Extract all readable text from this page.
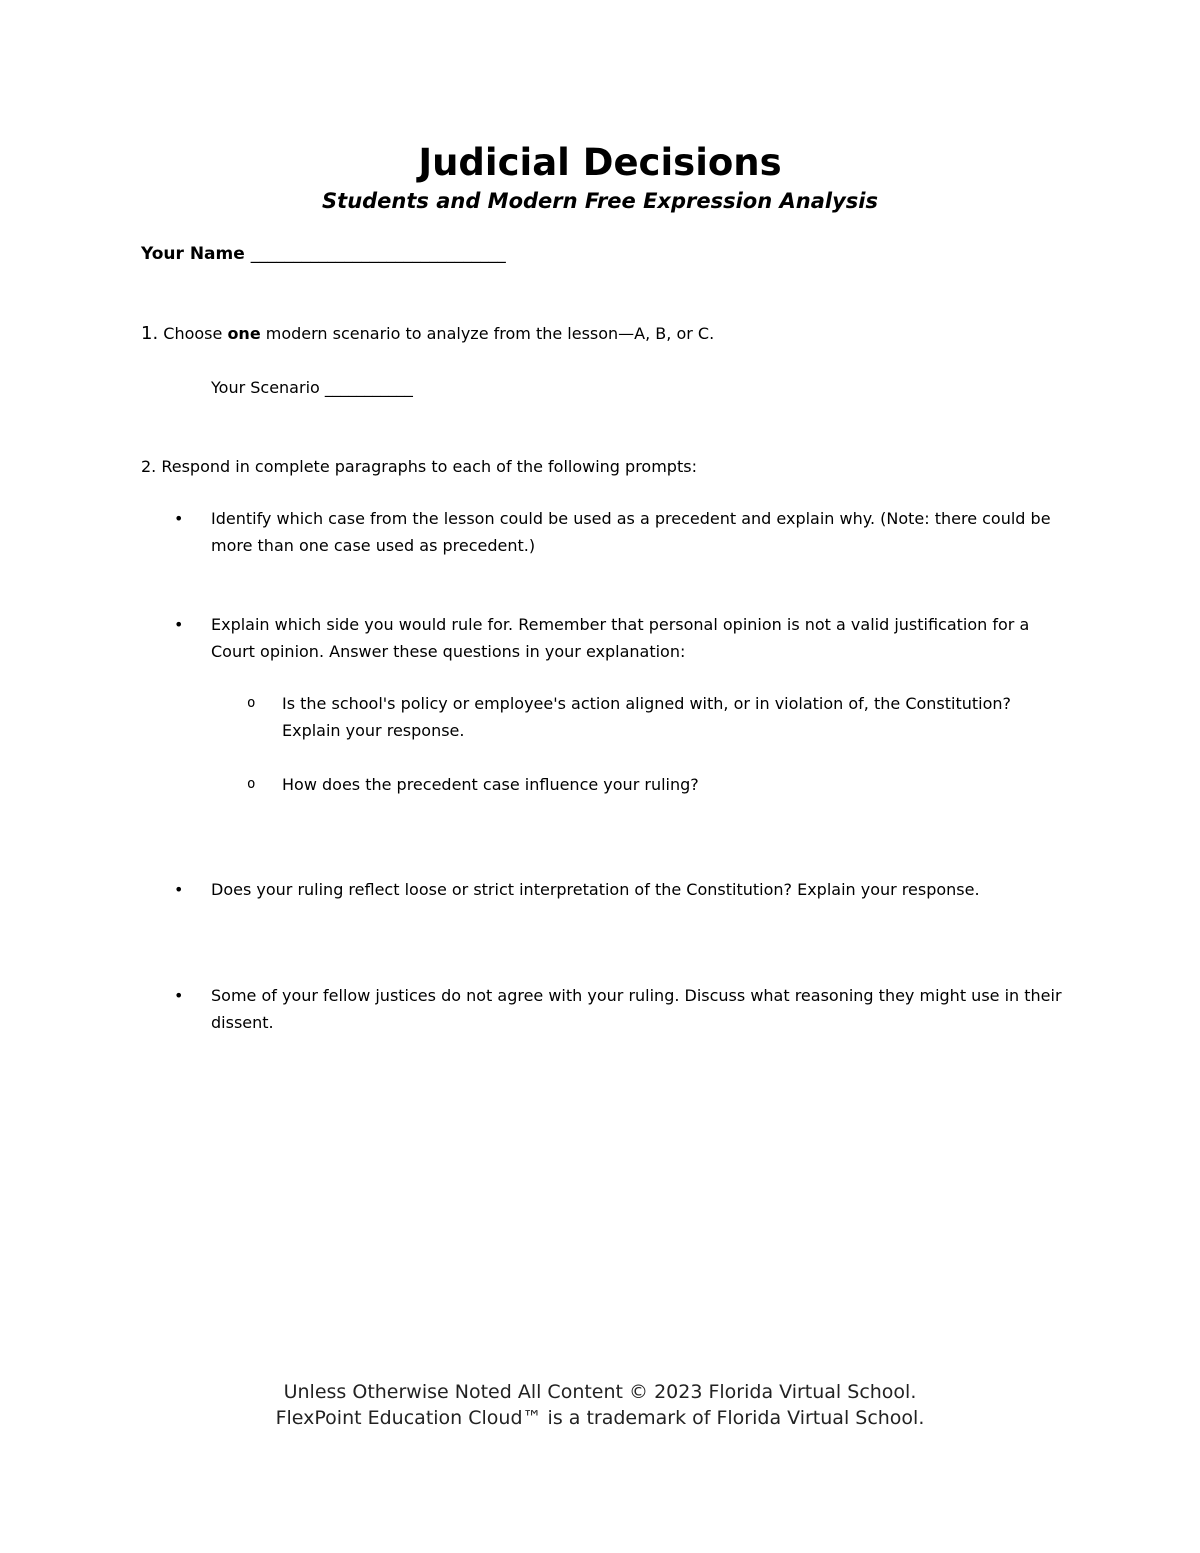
Judicial Decisions
Students and Modern Free Expression Analysis
Your Name ______________________________
1. Choose one modern scenario to analyze from the lesson—A, B, or C.
Your Scenario ___________
2. Respond in complete paragraphs to each of the following prompts:
• Identify which case from the lesson could be used as a precedent and explain why. (Note: there could be more than one case used as precedent.)
• Explain which side you would rule for. Remember that personal opinion is not a valid justification for a Court opinion. Answer these questions in your explanation:
o Is the school's policy or employee's action aligned with, or in violation of, the Constitution? Explain your response.
o How does the precedent case influence your ruling?
• Does your ruling reflect loose or strict interpretation of the Constitution? Explain your response.
• Some of your fellow justices do not agree with your ruling. Discuss what reasoning they might use in their dissent.
Unless Otherwise Noted All Content © 2023 Florida Virtual School.
FlexPoint Education Cloud™ is a trademark of Florida Virtual School.
